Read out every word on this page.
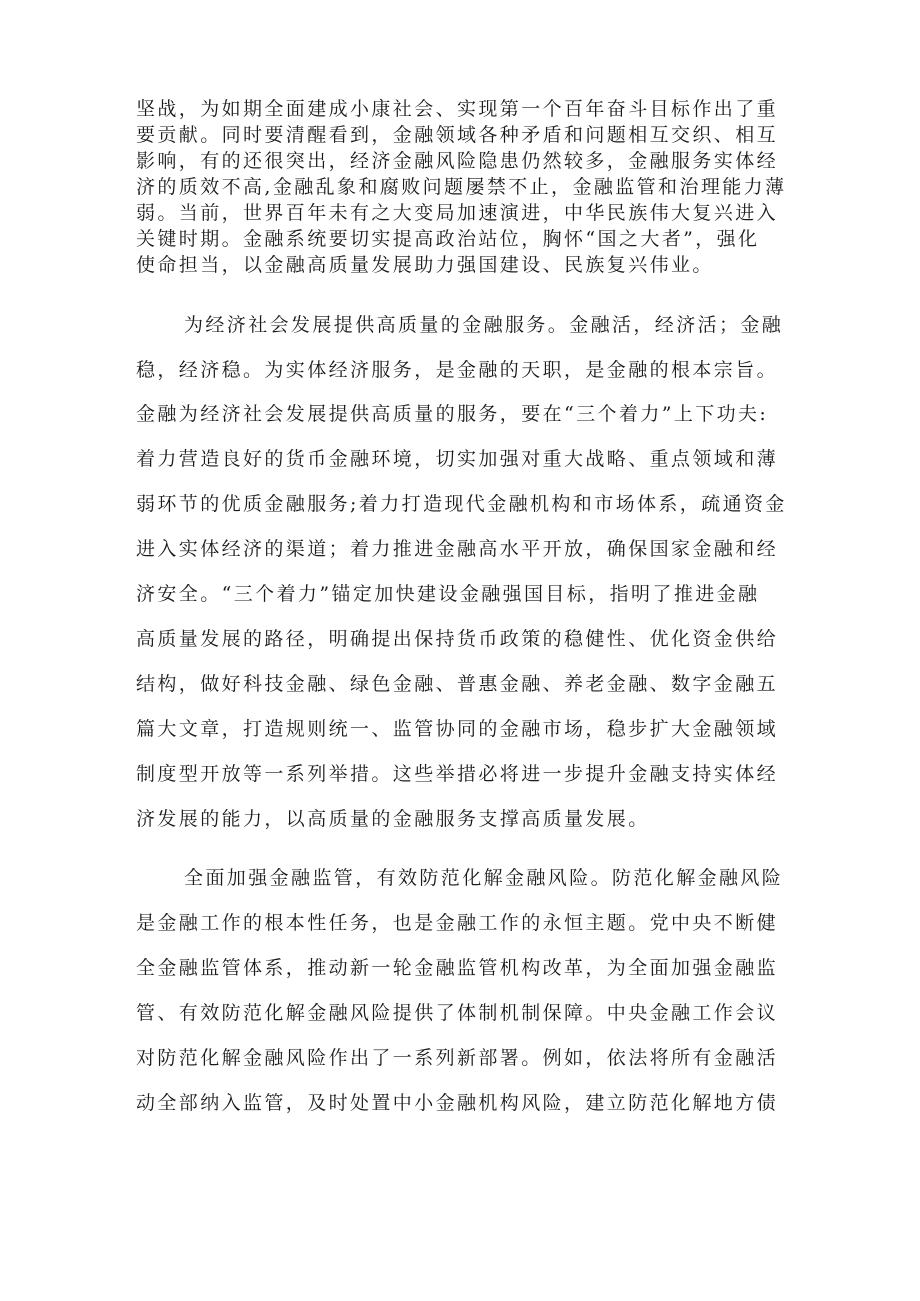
坚战，为如期全面建成小康社会、实现第一个百年奋斗目标作出了重
要贡献。同时要清醒看到，金融领域各种矛盾和问题相互交织、相互
影响，有的还很突出，经济金融风险隐患仍然较多，金融服务实体经
济的质效不高,金融乱象和腐败问题屡禁不止，金融监管和治理能力薄
弱。当前，世界百年未有之大变局加速演进，中华民族伟大复兴进入
关键时期。金融系统要切实提高政治站位，胸怀“国之大者”，强化
使命担当，以金融高质量发展助力强国建设、民族复兴伟业。
为经济社会发展提供高质量的金融服务。金融活，经济活；金融
稳，经济稳。为实体经济服务，是金融的天职，是金融的根本宗旨。
金融为经济社会发展提供高质量的服务，要在“三个着力”上下功夫:
着力营造良好的货币金融环境，切实加强对重大战略、重点领域和薄
弱环节的优质金融服务;着力打造现代金融机构和市场体系，疏通资金
进入实体经济的渠道；着力推进金融高水平开放，确保国家金融和经
济安全。“三个着力”锚定加快建设金融强国目标，指明了推进金融
高质量发展的路径，明确提出保持货币政策的稳健性、优化资金供给
结构，做好科技金融、绿色金融、普惠金融、养老金融、数字金融五
篇大文章，打造规则统一、监管协同的金融市场，稳步扩大金融领域
制度型开放等一系列举措。这些举措必将进一步提升金融支持实体经
济发展的能力，以高质量的金融服务支撑高质量发展。
全面加强金融监管，有效防范化解金融风险。防范化解金融风险
是金融工作的根本性任务，也是金融工作的永恒主题。党中央不断健
全金融监管体系，推动新一轮金融监管机构改革，为全面加强金融监
管、有效防范化解金融风险提供了体制机制保障。中央金融工作会议
对防范化解金融风险作出了一系列新部署。例如，依法将所有金融活
动全部纳入监管，及时处置中小金融机构风险，建立防范化解地方债
